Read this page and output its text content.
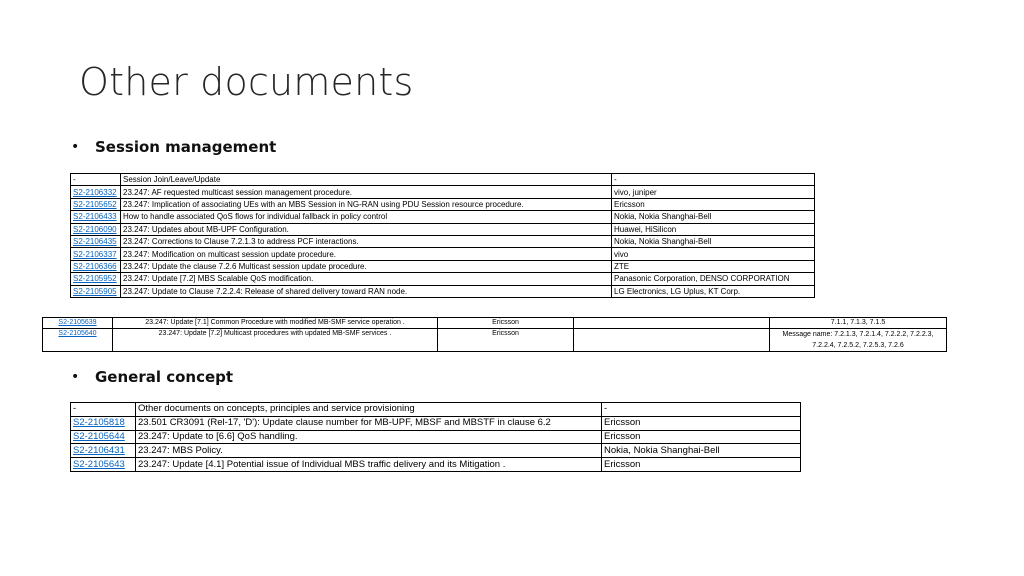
Other documents
•	Session management
-	Session Join/Leave/Update	-
S2-2106332	23.247: AF requested multicast session management procedure.	vivo, juniper
S2-2105652	23.247: Implication of associating UEs with an MBS Session in NG-RAN using PDU Session resource procedure.	Ericsson
S2-2106433	How to handle associated QoS flows for individual fallback in policy control	Nokia, Nokia Shanghai-Bell
S2-2106090	23.247: Updates about MB-UPF Configuration.	Huawei, HiSilicon
S2-2106435	23.247: Corrections to Clause 7.2.1.3 to address PCF interactions.	Nokia, Nokia Shanghai-Bell
S2-2106337	23.247: Modification on multicast session update procedure.	vivo
S2-2106366	23.247: Update the clause 7.2.6 Multicast session update procedure.	ZTE
S2-2105952	23.247: Update [7.2] MBS Scalable QoS modification.	Panasonic Corporation, DENSO CORPORATION
S2-2105905	23.247: Update to Clause 7.2.2.4: Release of shared delivery toward RAN node.	LG Electronics, LG Uplus, KT Corp.
S2-2105639	23.247: Update [7.1] Common Procedure with modified MB-SMF service operation .	Ericsson		7.1.1, 7.1.3, 7.1.5
S2-2105640	23.247: Update [7.2] Multicast procedures with updated MB-SMF services .	Ericsson		Message name: 7.2.1.3, 7.2.1.4, 7.2.2.2, 7.2.2.3, 7.2.2.4, 7.2.5.2, 7.2.5.3, 7.2.6
•	General concept
-	Other documents on concepts, principles and service provisioning	-
S2-2105818	23.501 CR3091 (Rel-17, 'D'): Update clause number for MB-UPF, MBSF and MBSTF in clause 6.2	Ericsson
S2-2105644	23.247: Update to [6.6] QoS handling.	Ericsson
S2-2106431	23.247: MBS Policy.	Nokia, Nokia Shanghai-Bell
S2-2105643	23.247: Update [4.1] Potential issue of Individual MBS traffic delivery and its Mitigation .	Ericsson
